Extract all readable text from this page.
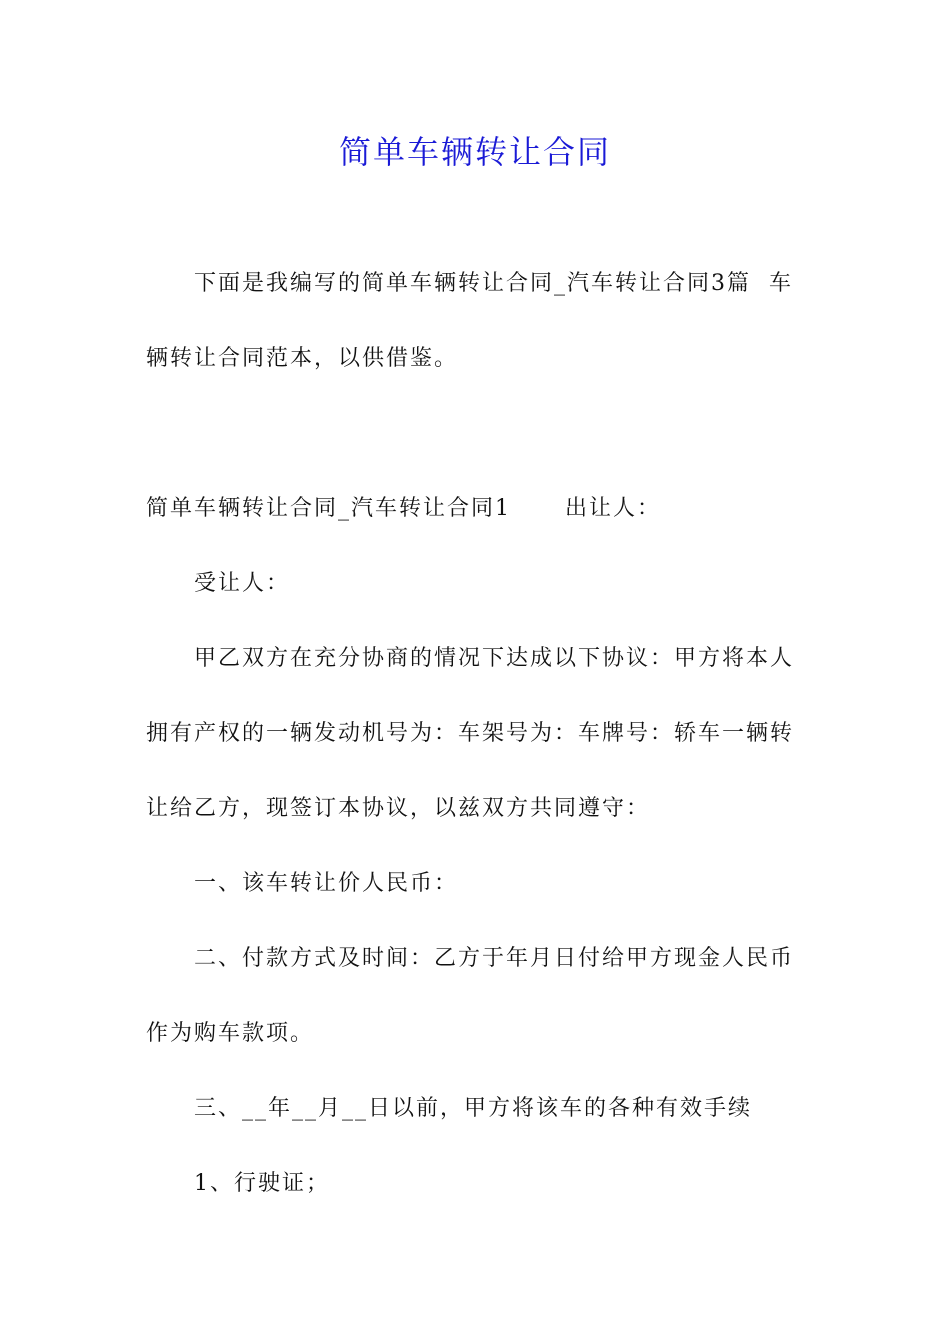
简单车辆转让合同
下面是我编写的简单车辆转让合同_汽车转让合同3篇  车
辆转让合同范本，以供借鉴。
简单车辆转让合同_汽车转让合同1      出让人：
受让人：
甲乙双方在充分协商的情况下达成以下协议：甲方将本人
拥有产权的一辆发动机号为：车架号为：车牌号：轿车一辆转
让给乙方，现签订本协议，以兹双方共同遵守：
一、该车转让价人民币：
二、付款方式及时间：乙方于年月日付给甲方现金人民币
作为购车款项。
三、__年__月__日以前，甲方将该车的各种有效手续
1、行驶证；
